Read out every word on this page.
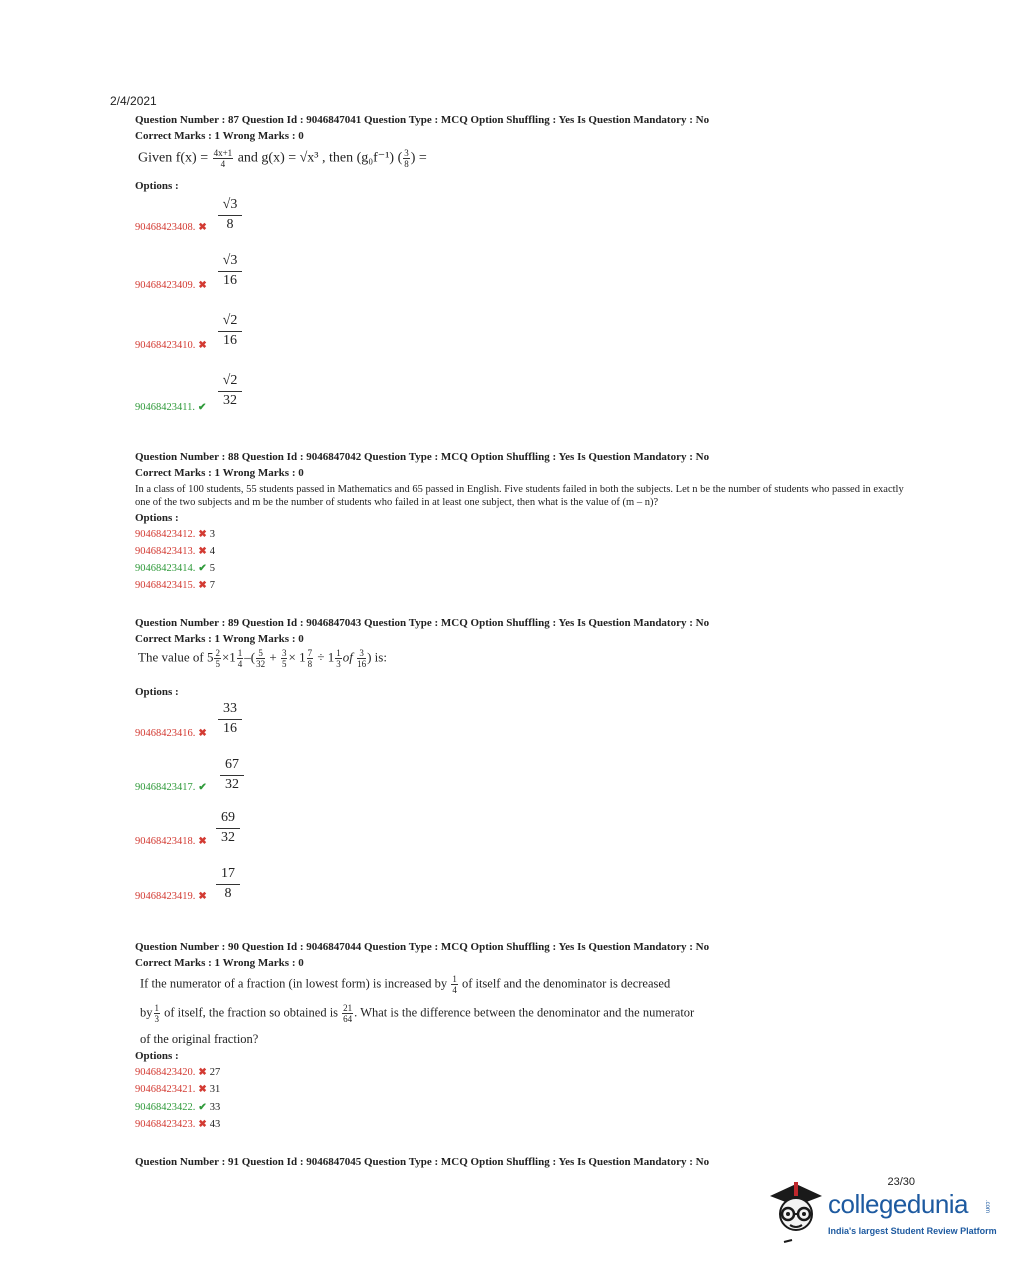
2/4/2021
Question Number : 87 Question Id : 9046847041 Question Type : MCQ Option Shuffling : Yes Is Question Mandatory : No
Correct Marks : 1 Wrong Marks : 0
Given $f(x) = \frac{4x+1}{4}$ and g(x) = √x³ , then (g₀f⁻¹) ( $\frac{3}{8}$ ) =
Options :
$\frac{√3}{8}$
90468423408. ✖
$\frac{√3}{16}$
90468423409. ✖
$\frac{√2}{16}$
90468423410. ✖
$\frac{√2}{32}$
90468423411. ✔
Question Number : 88 Question Id : 9046847042 Question Type : MCQ Option Shuffling : Yes Is Question Mandatory : No
Correct Marks : 1 Wrong Marks : 0
In a class of 100 students, 55 students passed in Mathematics and 65 passed in English. Five students failed in both the subjects. Let n be the number of students who passed in exactly one of the two subjects and m be the number of students who failed in at least one subject, then what is the value of (m – n)?
Options :
90468423412. ✖ 3
90468423413. ✖ 4
90468423414. ✔ 5
90468423415. ✖ 7
Question Number : 89 Question Id : 9046847043 Question Type : MCQ Option Shuffling : Yes Is Question Mandatory : No
Correct Marks : 1 Wrong Marks : 0
The value of $5 \frac{2}{5} \times 1 \frac{1}{4}$ –( $\frac{5}{32} + \frac{3}{5} \times 1 \frac{7}{8} \div 1 \frac{1}{3}$ of $\frac{3}{16}$ ) is:
Options :
$\frac{33}{16}$
90468423416. ✖
$\frac{67}{32}$
90468423417. ✔
$\frac{69}{32}$
90468423418. ✖
$\frac{17}{8}$
90468423419. ✖
Question Number : 90 Question Id : 9046847044 Question Type : MCQ Option Shuffling : Yes Is Question Mandatory : No
Correct Marks : 1 Wrong Marks : 0
If the numerator of a fraction (in lowest form) is increased by $\frac{1}{4}$ of itself and the denominator is decreased
by $\frac{1}{3}$ of itself, the fraction so obtained is $\frac{21}{64}$ . What is the difference between the denominator and the numerator
of the original fraction?
Options :
90468423420. ✖ 27
90468423421. ✖ 31
90468423422. ✔ 33
90468423423. ✖ 43
Question Number : 91 Question Id : 9046847045 Question Type : MCQ Option Shuffling : Yes Is Question Mandatory : No
23/30
collegedunia	.com
India's largest Student Review Platform
